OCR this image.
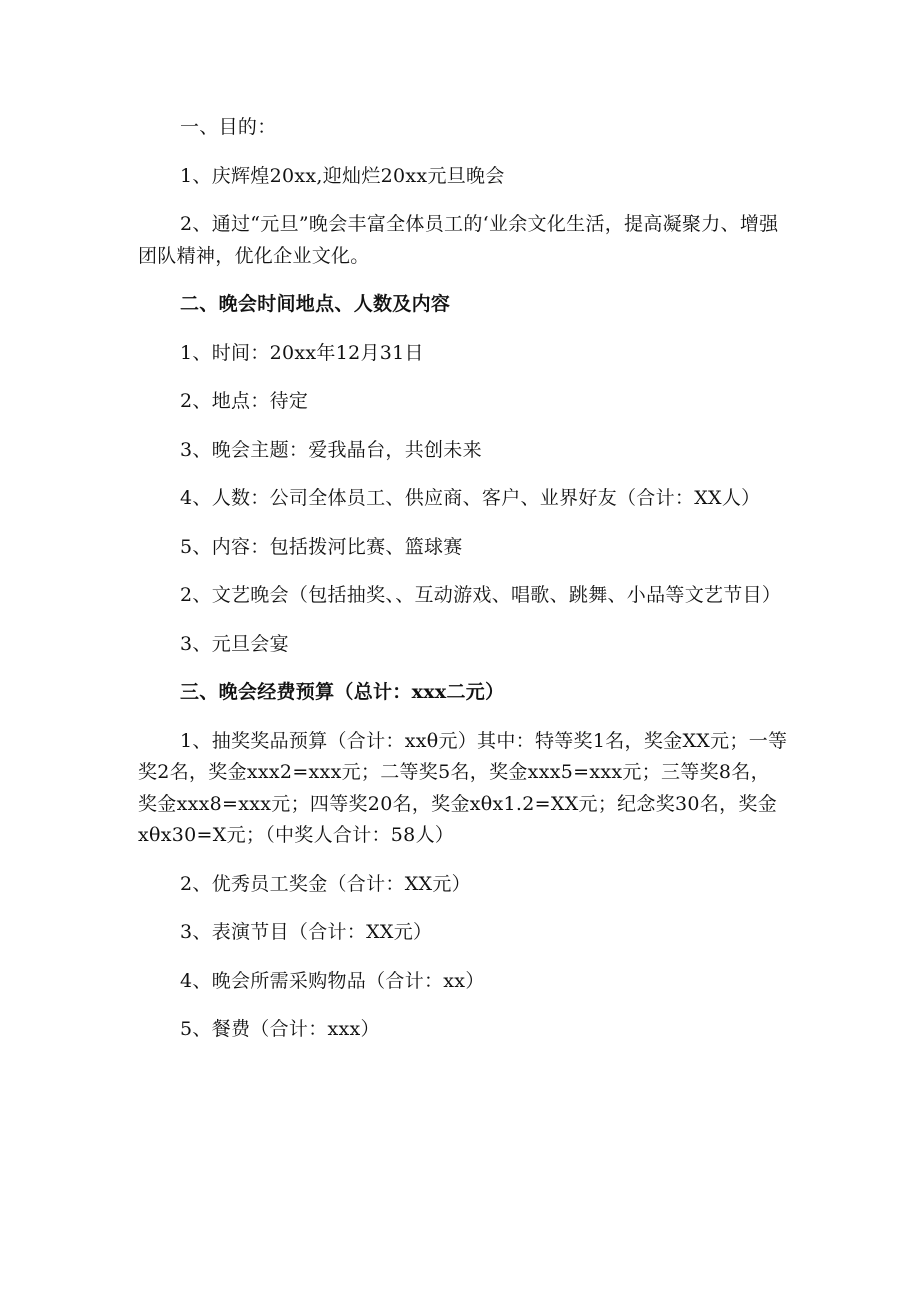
一、目的：

1、庆辉煌20xx,迎灿烂20xx元旦晚会

2、通过“元旦”晚会丰富全体员工的‘业余文化生活，提高凝聚力、增强团队精神，优化企业文化。

二、晚会时间地点、人数及内容

1、时间：20xx年12月31日

2、地点：待定

3、晚会主题：爱我晶台，共创未来

4、人数：公司全体员工、供应商、客户、业界好友（合计：XX人）

5、内容：包括拨河比赛、篮球赛

2、文艺晚会（包括抽奖、、互动游戏、唱歌、跳舞、小品等文艺节目）

3、元旦会宴

三、晚会经费预算（总计：xxx二元）

1、抽奖奖品预算（合计：xxθ元）其中：特等奖1名，奖金XX元；一等奖2名，奖金xxx2=xxx元；二等奖5名，奖金xxx5=xxx元；三等奖8名，奖金xxx8=xxx元；四等奖20名，奖金xθx1.2=XX元；纪念奖30名，奖金xθx30=X元；（中奖人合计：58人）

2、优秀员工奖金（合计：XX元）

3、表演节目（合计：XX元）

4、晚会所需采购物品（合计：xx）

5、餐费（合计：xxx）
